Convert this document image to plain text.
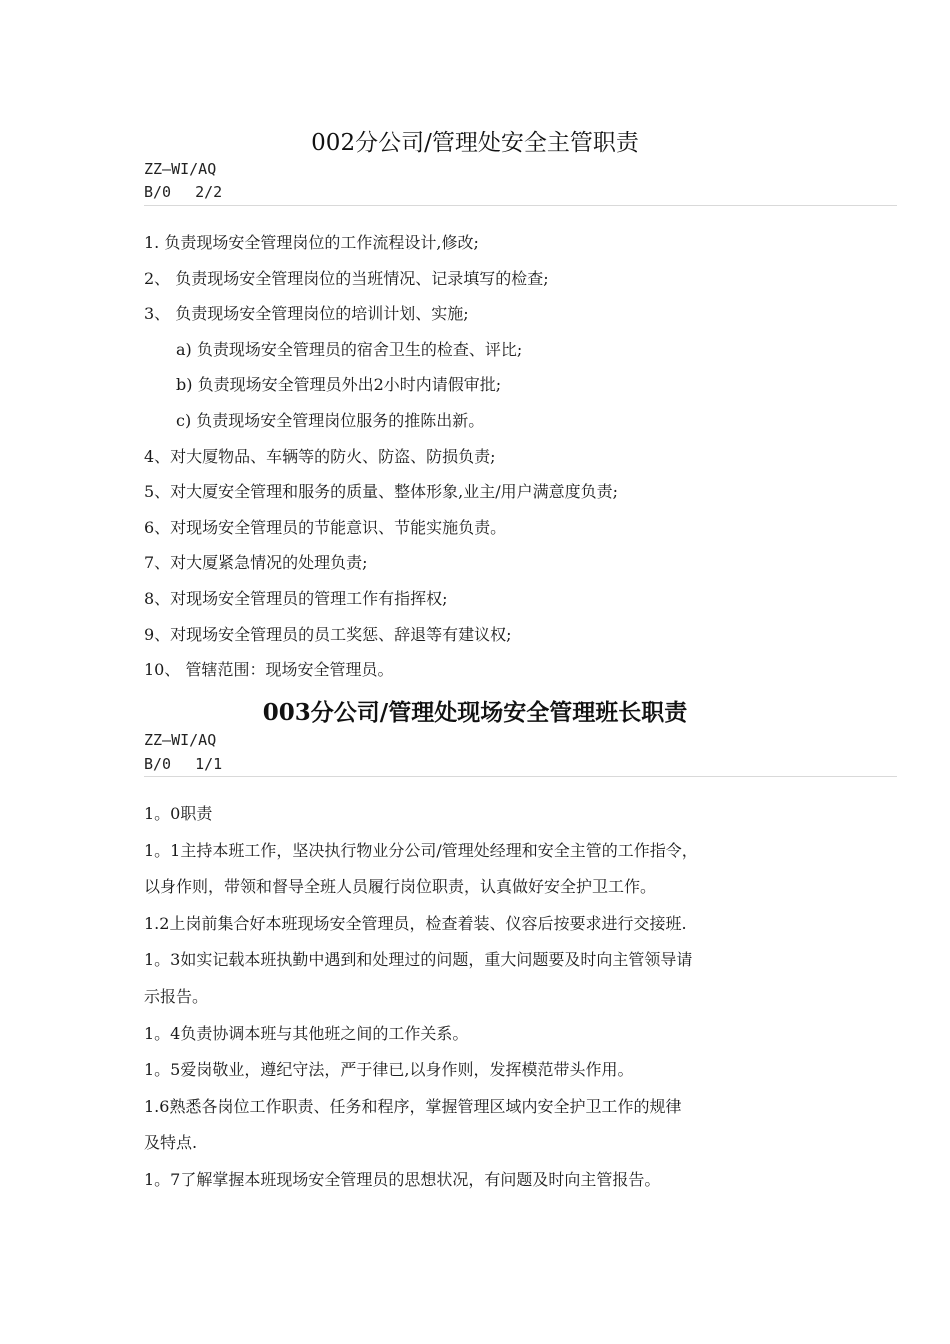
002分公司/管理处安全主管职责
ZZ—WI/AQ
B/0　 2/2
1. 负责现场安全管理岗位的工作流程设计,修改;
2、 负责现场安全管理岗位的当班情况、记录填写的检查;
3、 负责现场安全管理岗位的培训计划、实施;
a) 负责现场安全管理员的宿舍卫生的检查、评比;
b) 负责现场安全管理员外出2小时内请假审批;
c) 负责现场安全管理岗位服务的推陈出新。
4、对大厦物品、车辆等的防火、防盗、防损负责;
5、对大厦安全管理和服务的质量、整体形象,业主/用户满意度负责;
6、对现场安全管理员的节能意识、节能实施负责。
7、对大厦紧急情况的处理负责;
8、对现场安全管理员的管理工作有指挥权;
9、对现场安全管理员的员工奖惩、辞退等有建议权;
10、 管辖范围：现场安全管理员。
003分公司/管理处现场安全管理班长职责
ZZ—WI/AQ
B/0　 1/1
1。0职责
1。1主持本班工作，坚决执行物业分公司/管理处经理和安全主管的工作指令，
以身作则，带领和督导全班人员履行岗位职责，认真做好安全护卫工作。
1.2上岗前集合好本班现场安全管理员，检查着装、仪容后按要求进行交接班.
1。3如实记载本班执勤中遇到和处理过的问题，重大问题要及时向主管领导请
示报告。
1。4负责协调本班与其他班之间的工作关系。
1。5爱岗敬业，遵纪守法，严于律已,以身作则，发挥模范带头作用。
1.6熟悉各岗位工作职责、任务和程序，掌握管理区域内安全护卫工作的规律
及特点.
1。7了解掌握本班现场安全管理员的思想状况，有问题及时向主管报告。
